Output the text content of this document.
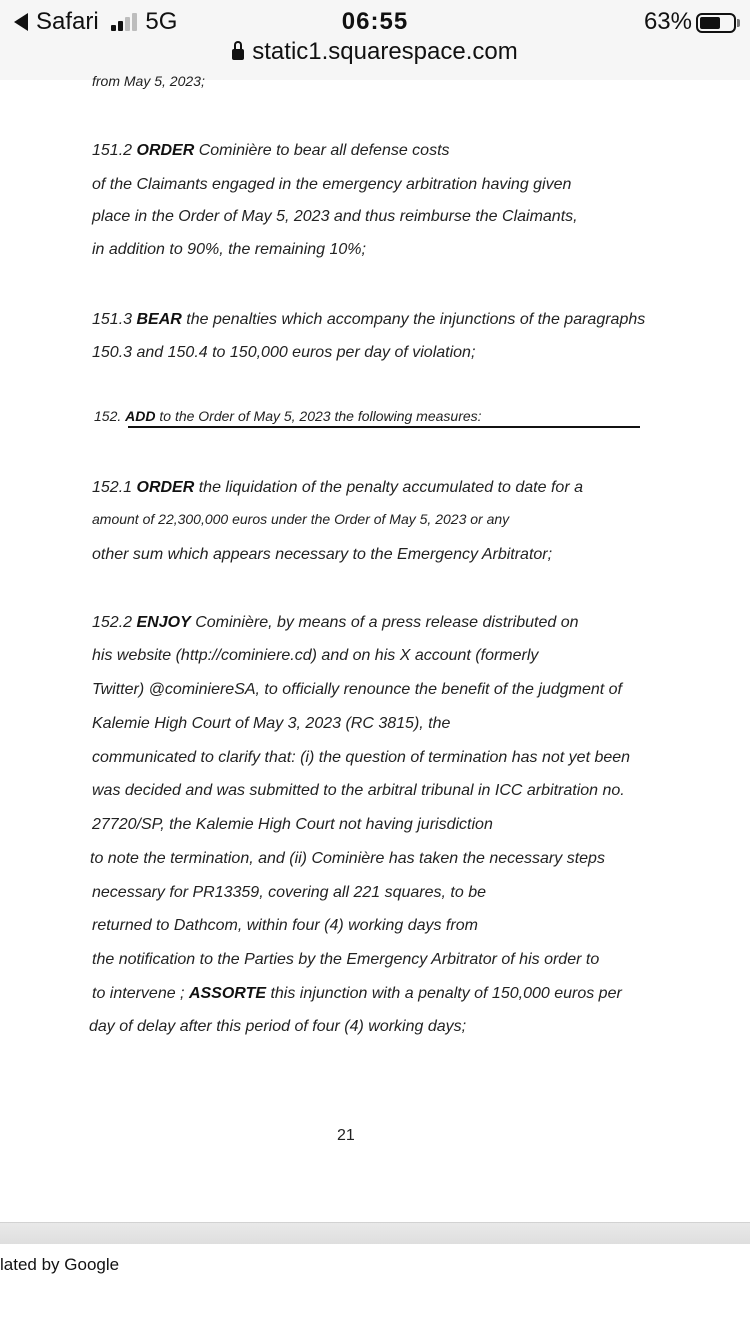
Safari 5G	06:55	63%
static1.squarespace.com
from May 5, 2023;
151.2 ORDER Cominière to bear all defense costs
of the Claimants engaged in the emergency arbitration having given
place in the Order of May 5, 2023 and thus reimburse the Claimants,
in addition to 90%, the remaining 10%;
151.3 BEAR the penalties which accompany the injunctions of the paragraphs
150.3 and 150.4 to 150,000 euros per day of violation;
152. ADD to the Order of May 5, 2023 the following measures:
152.1 ORDER the liquidation of the penalty accumulated to date for a
amount of 22,300,000 euros under the Order of May 5, 2023 or any
other sum which appears necessary to the Emergency Arbitrator;
152.2 ENJOY Cominière, by means of a press release distributed on
his website (http://cominiere.cd) and on his X account (formerly
Twitter) @cominiereSA, to officially renounce the benefit of the judgment of
Kalemie High Court of May 3, 2023 (RC 3815), the
communicated to clarify that: (i) the question of termination has not yet been
was decided and was submitted to the arbitral tribunal in ICC arbitration no.
27720/SP, the Kalemie High Court not having jurisdiction
to note the termination, and (ii) Cominière has taken the necessary steps
necessary for PR13359, covering all 221 squares, to be
returned to Dathcom, within four (4) working days from
the notification to the Parties by the Emergency Arbitrator of his order to
to intervene ; ASSORTE this injunction with a penalty of 150,000 euros per
day of delay after this period of four (4) working days;
21
lated by Google
